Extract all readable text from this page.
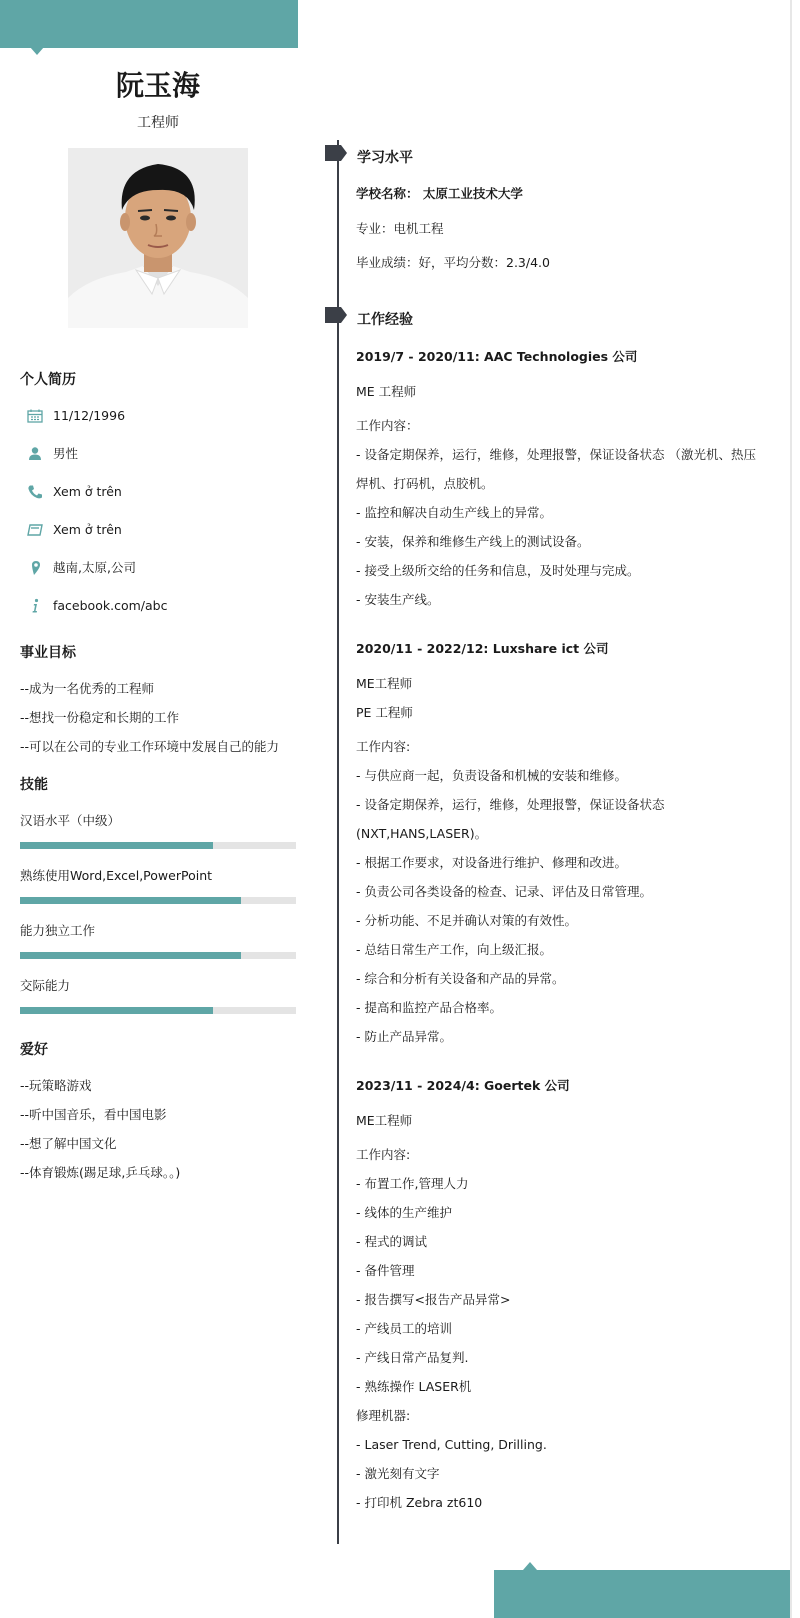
阮玉海
工程师
个人简历
11/12/1996
男性
Xem ở trên
Xem ở trên
越南,太原,公司
facebook.com/abc
事业目标
--成为一名优秀的工程师
--想找一份稳定和长期的工作
--可以在公司的专业工作环境中发展自己的能力
技能
汉语水平（中级）
熟练使用Word,Excel,PowerPoint
能力独立工作
交际能力
爱好
--玩策略游戏
--听中国音乐，看中国电影
--想了解中国文化
--体育锻炼(踢足球,乒乓球。。)
学习水平
学校名称： 太原工业技术大学
专业：电机工程
毕业成绩：好，平均分数：2.3/4.0
工作经验
2019/7 - 2020/11: AAC Technologies 公司
ME 工程师
工作内容：
- 设备定期保养，运行，维修，处理报警，保证设备状态 （激光机、热压
焊机、打码机，点胶机。
- 监控和解决自动生产线上的异常。
- 安装，保养和维修生产线上的测试设备。
- 接受上级所交给的任务和信息，及时处理与完成。
- 安装生产线。
2020/11 - 2022/12: Luxshare ict 公司
ME工程师
PE 工程师
工作内容:
- 与供应商一起，负责设备和机械的安装和维修。
- 设备定期保养，运行，维修，处理报警，保证设备状态
(NXT,HANS,LASER)。
- 根据工作要求，对设备进行维护、修理和改进。
- 负责公司各类设备的检查、记录、评估及日常管理。
- 分析功能、不足并确认对策的有效性。
- 总结日常生产工作，向上级汇报。
- 综合和分析有关设备和产品的异常。
- 提高和监控产品合格率。
- 防止产品异常。
2023/11 - 2024/4: Goertek 公司
ME工程师
工作内容:
- 布置工作,管理人力
- 线体的生产维护
- 程式的调试
- 备件管理
- 报告撰写<报告产品异常>
- 产线员工的培训
- 产线日常产品复判.
- 熟练操作 LASER机
修理机器:
- Laser Trend, Cutting, Drilling.
- 激光刻有文字
- 打印机 Zebra zt610
